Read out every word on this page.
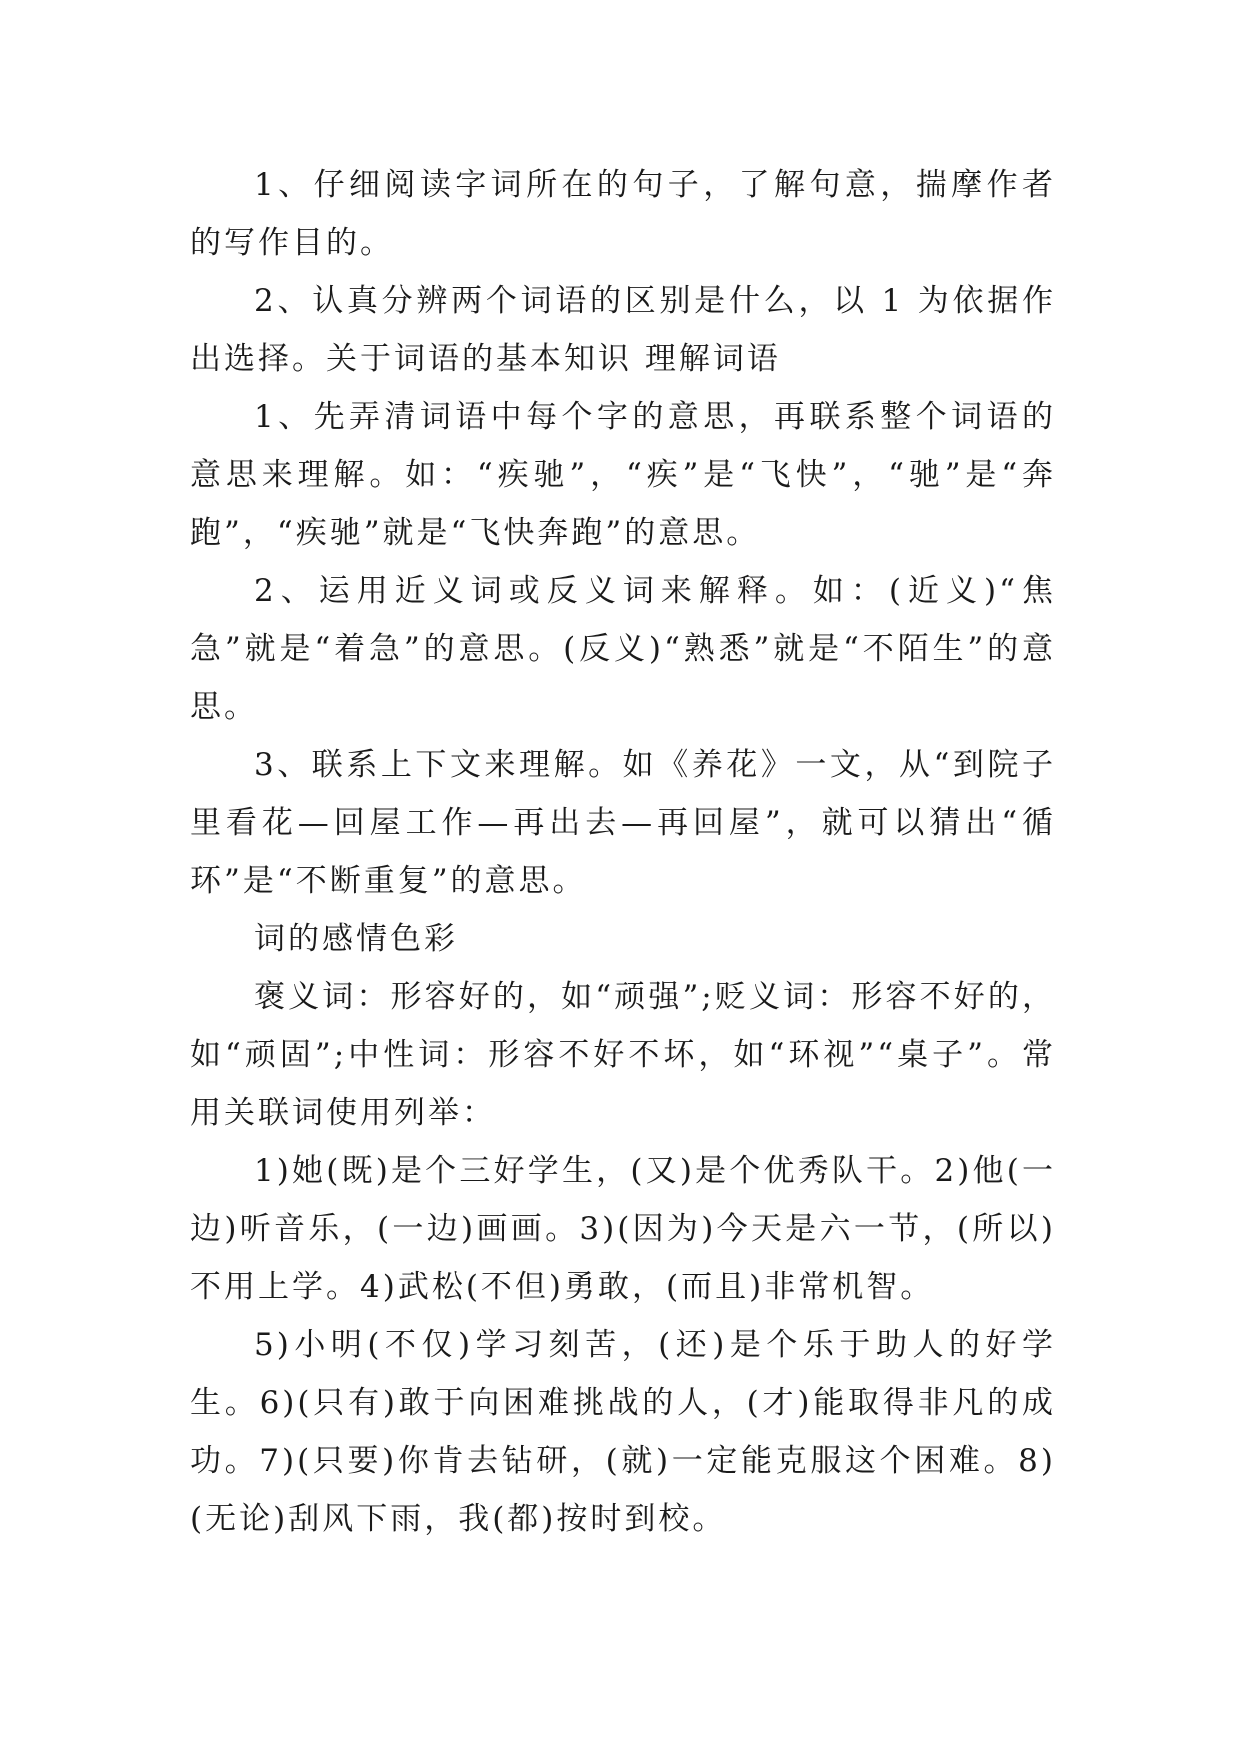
1、仔细阅读字词所在的句子，了解句意，揣摩作者的写作目的。

2、认真分辨两个词语的区别是什么，以 1 为依据作出选择。关于词语的基本知识 理解词语

1、先弄清词语中每个字的意思，再联系整个词语的意思来理解。如：“疾驰”，“疾”是“飞快”，“驰”是“奔跑”，“疾驰”就是“飞快奔跑”的意思。

2、运用近义词或反义词来解释。如：(近义)“焦急”就是“着急”的意思。(反义)“熟悉”就是“不陌生”的意思。

3、联系上下文来理解。如《养花》一文，从“到院子里看花—回屋工作—再出去—再回屋”，就可以猜出“循环”是“不断重复”的意思。

词的感情色彩

褒义词：形容好的，如“顽强”;贬义词：形容不好的，如“顽固”;中性词：形容不好不坏，如“环视”“桌子”。常用关联词使用列举：

1)她(既)是个三好学生，(又)是个优秀队干。2)他(一边)听音乐，(一边)画画。3)(因为)今天是六一节，(所以)不用上学。4)武松(不但)勇敢，(而且)非常机智。

5)小明(不仅)学习刻苦，(还)是个乐于助人的好学生。6)(只有)敢于向困难挑战的人，(才)能取得非凡的成功。7)(只要)你肯去钻研，(就)一定能克服这个困难。8)(无论)刮风下雨，我(都)按时到校。
